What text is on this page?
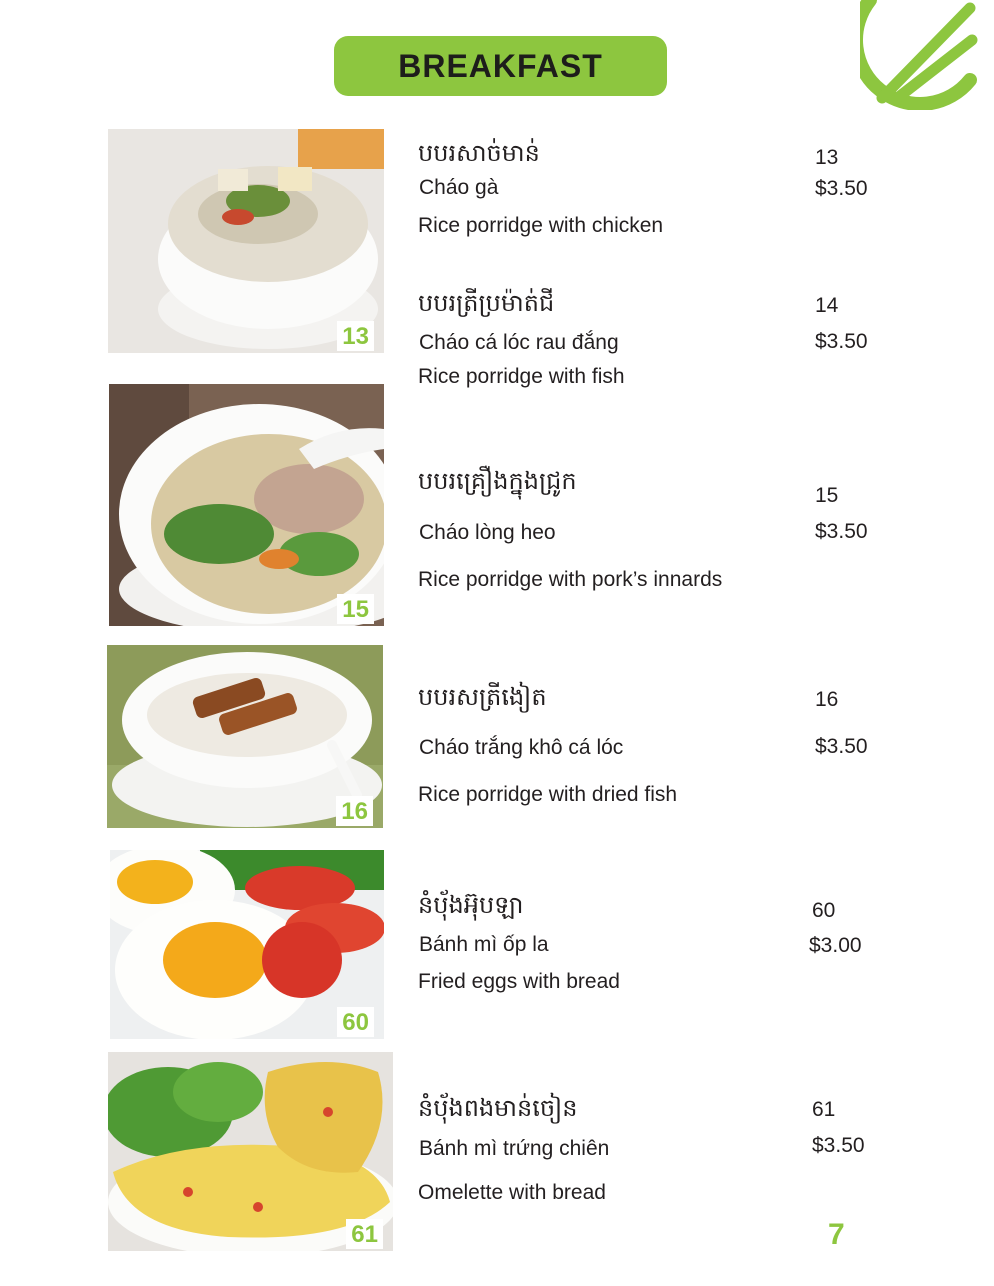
BREAKFAST
13
15
16
60
61
បបរសាច់មាន់
Cháo gà
Rice porridge with chicken
13
$3.50
បបរត្រីប្រម៉ាត់ជី
Cháo cá lóc rau đắng
Rice porridge with fish
14
$3.50
បបរគ្រឿងក្នុងជ្រូក
Cháo lòng heo
Rice porridge with pork’s innards
15
$3.50
បបរសត្រីងៀត
Cháo trắng khô cá lóc
Rice porridge with dried fish
16
$3.50
នំប៉័ងអ៊ុបឡា
Bánh mì ốp la
Fried eggs with bread
60
$3.00
នំប៉័ងពងមាន់ចៀន
Bánh mì trứng chiên
Omelette with bread
61
$3.50
7
